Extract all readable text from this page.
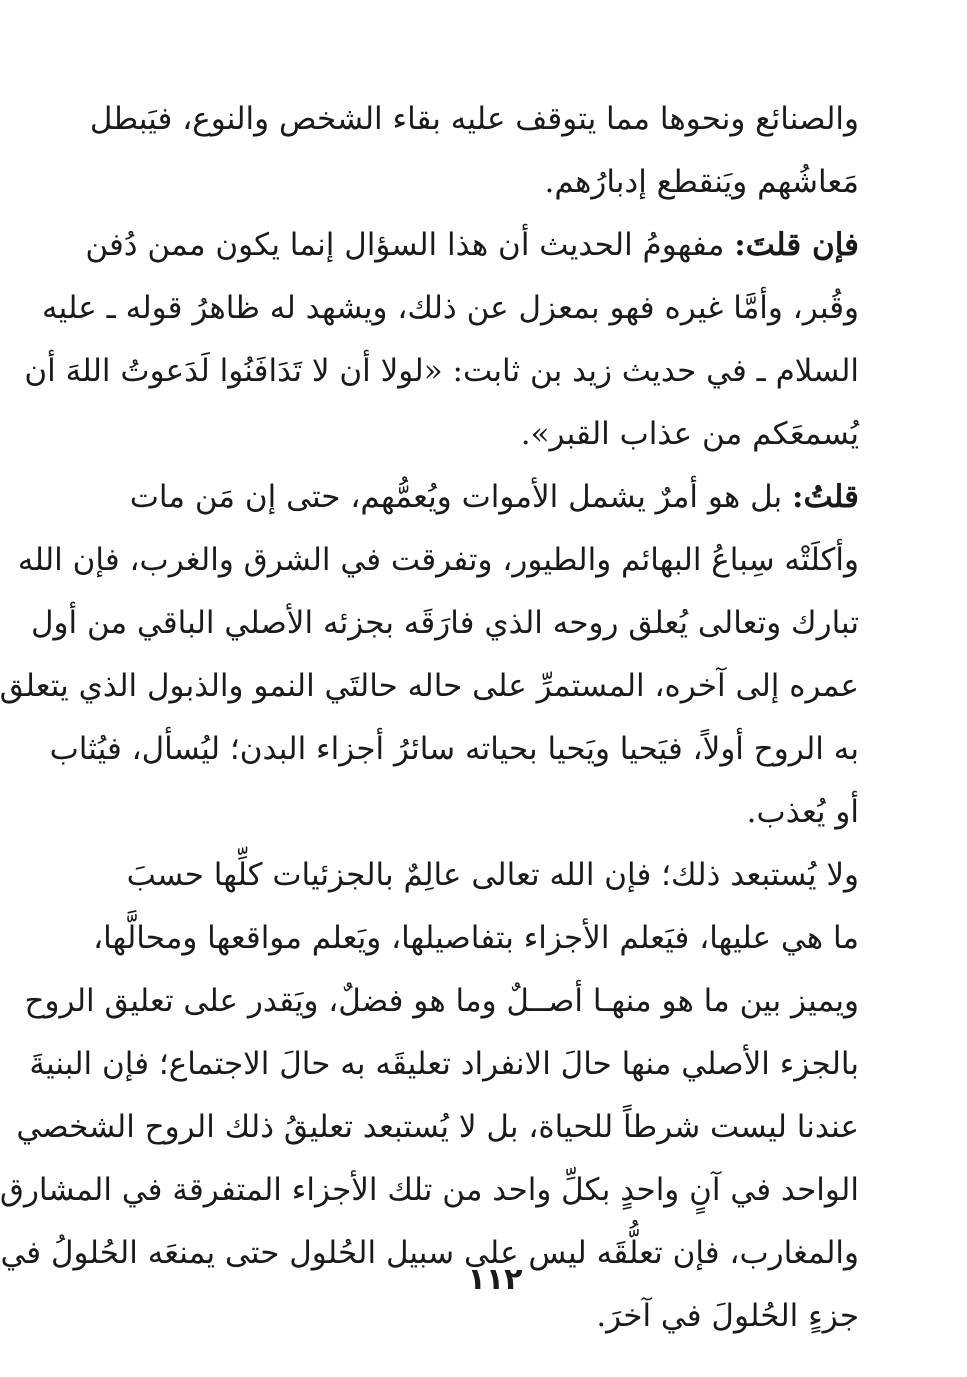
والصنائع ونحوها مما يتوقف عليه بقاء الشخص والنوع، فيَبطل
مَعاشُهم ويَنقطع إدبارُهم.
فإن قلتَ: مفهومُ الحديث أن هذا السؤال إنما يكون ممن دُفن
وقُبر، وأمَّا غيره فهو بمعزل عن ذلك، ويشهد له ظاهرُ قوله ـ عليه
السلام ـ في حديث زيد بن ثابت: «لولا أن لا تَدَافَنُوا لَدَعوتُ اللهَ أن
يُسمعَكم من عذاب القبر».
قلتُ: بل هو أمرٌ يشمل الأموات ويُعمُّهم، حتى إن مَن مات
وأكلَتْه سِباعُ البهائم والطيور، وتفرقت في الشرق والغرب، فإن الله
تبارك وتعالى يُعلق روحه الذي فارَقَه بجزئه الأصلي الباقي من أول
عمره إلى آخره، المستمرِّ على حاله حالتَي النمو والذبول الذي يتعلق
به الروح أولاً، فيَحيا ويَحيا بحياته سائرُ أجزاء البدن؛ ليُسأل، فيُثاب
أو يُعذب.
ولا يُستبعد ذلك؛ فإن الله تعالى عالِمٌ بالجزئيات كلِّها حسبَ
ما هي عليها، فيَعلم الأجزاء بتفاصيلها، ويَعلم مواقعها ومحالَّها،
ويميز بين ما هو منهـا أصــلٌ وما هو فضلٌ، ويَقدر على تعليق الروح
بالجزء الأصلي منها حالَ الانفراد تعليقَه به حالَ الاجتماع؛ فإن البنيةَ
عندنا ليست شرطاً للحياة، بل لا يُستبعد تعليقُ ذلك الروح الشخصي
الواحد في آنٍ واحدٍ بكلِّ واحد من تلك الأجزاء المتفرقة في المشارق
والمغارب، فإن تعلُّقَه ليس على سبيل الحُلول حتى يمنعَه الحُلولُ في
جزءٍ الحُلولَ في آخرَ.
١١٢
